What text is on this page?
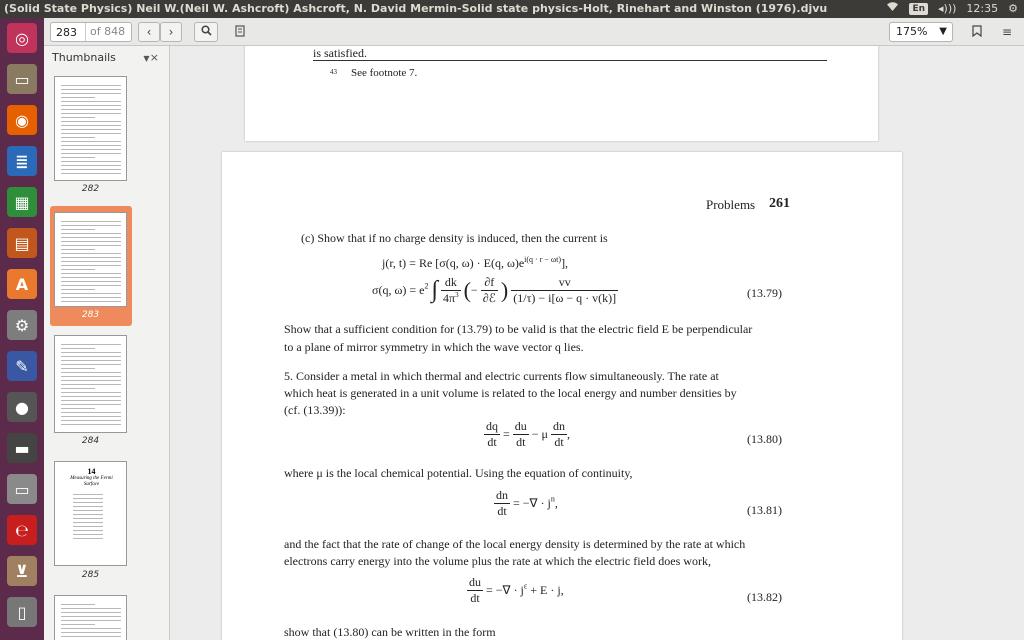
(Solid State Physics) Neil W.(Neil W. Ashcroft) Ashcroft, N. David Mermin-Solid state physics-Holt, Rinehart and Winston (1976).djvu	En ◂))) 12:35 ⚙
◎
▭
◉
≣
▦
▤
A
⚙
✎
●
▬
▭
℮
⊻
▯
283	of 848 ‹ ›	175% ▼	≡
Thumbnails	▼ ×
282
283
284
14
Measuring the Fermi Surface
285
is satisfied.
43 See footnote 7.
Problems 261
(c) Show that if no charge density is induced, then the current is
j(r, t) = Re [σ(q, ω) · E(q, $\omega)e^{i(q \cdot r - \omega t)}$],
σ(q, $\omega) = e^2$ ∫ $\frac{dk}{4\pi^3}$ (− $\frac{\partial f}{\text{∂ℰ}}$ ) $\frac{vv}{(1/\tau) - i[\omega - q \cdot v(k)]}$	(13.79)
Show that a sufficient condition for (13.79) to be valid is that the electric field E be perpendicular
to a plane of mirror symmetry in which the wave vector q lies.
5. Consider a metal in which thermal and electric currents flow simultaneously. The rate at
which heat is generated in a unit volume is related to the local energy and number densities by
(cf. (13.39)):
$\frac{dq}{dt} = \frac{du}{dt} - \mu \frac{dn}{dt}$ ,	(13.80)
where μ is the local chemical potential. Using the equation of continuity,
$\frac{dn}{dt}$ = −∇ · $j^n$,	(13.81)
and the fact that the rate of change of the local energy density is determined by the rate at which
electrons carry energy into the volume plus the rate at which the electric field does work,
$\frac{du}{dt}$ = −∇ · $j^\varepsilon + E \cdot j$,	(13.82)
show that (13.80) can be written in the form
